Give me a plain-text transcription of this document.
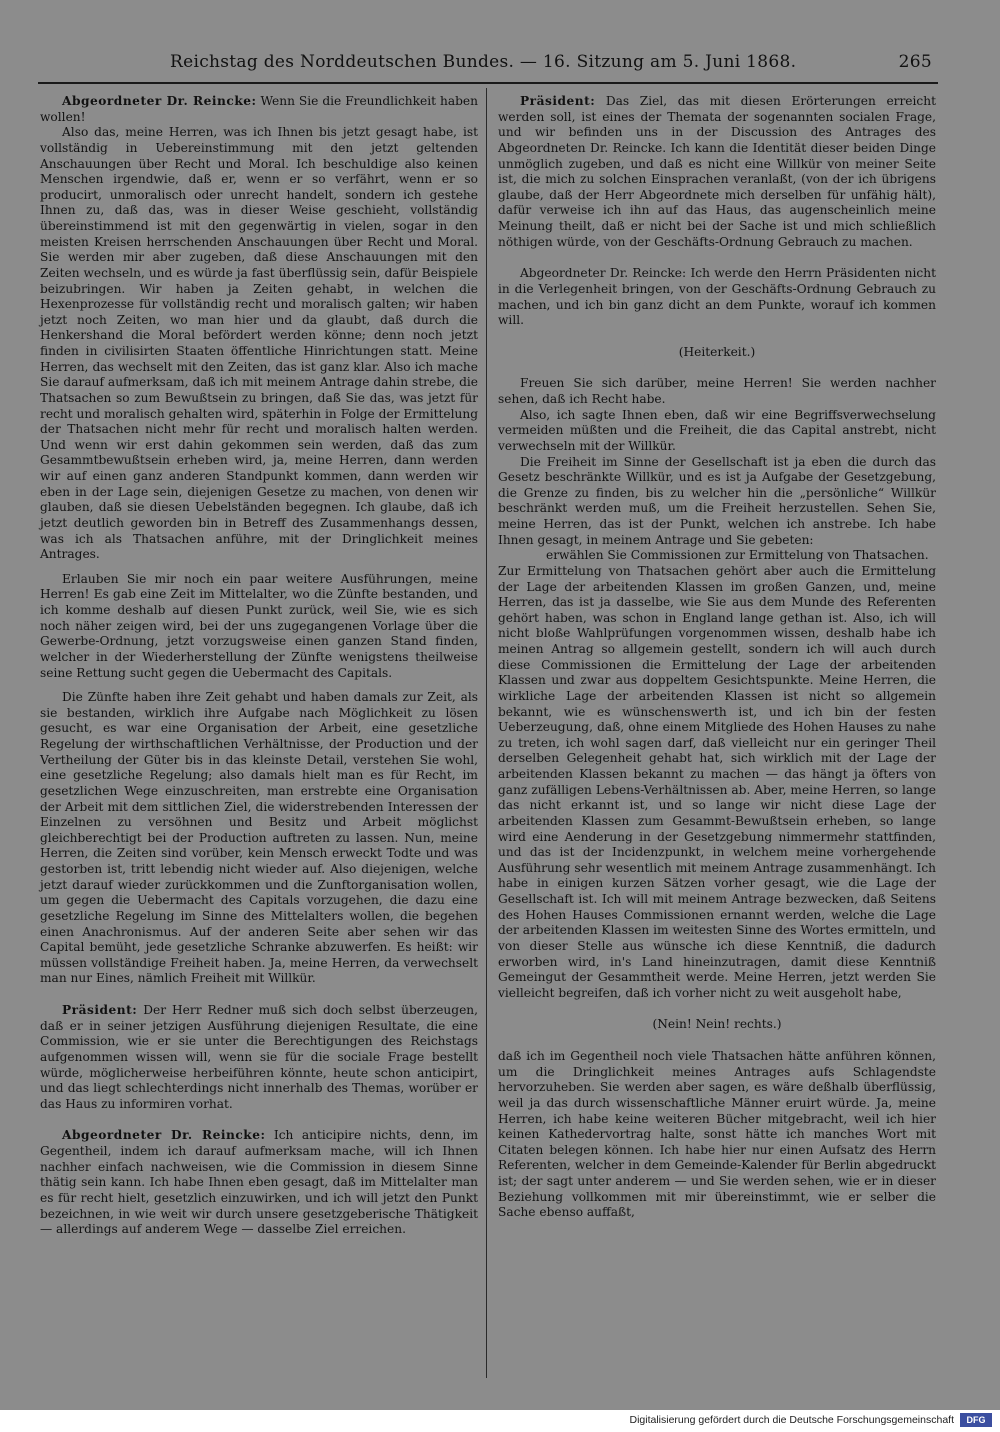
Reichstag des Norddeutschen Bundes. — 16. Sitzung am 5. Juni 1868.	265

Abgeordneter Dr. Reincke: Wenn Sie die Freundlichkeit haben wollen!

Also das, meine Herren, was ich Ihnen bis jetzt gesagt habe, ist vollständig in Uebereinstimmung mit den jetzt geltenden Anschauungen über Recht und Moral. Ich beschuldige also keinen Menschen irgendwie, daß er, wenn er so verfährt, wenn er so producirt, unmoralisch oder unrecht handelt, sondern ich gestehe Ihnen zu, daß das, was in dieser Weise geschieht, vollständig übereinstimmend ist mit den gegenwärtig in vielen, sogar in den meisten Kreisen herrschenden Anschauungen über Recht und Moral. Sie werden mir aber zugeben, daß diese Anschauungen mit den Zeiten wechseln, und es würde ja fast überflüssig sein, dafür Beispiele beizubringen. Wir haben ja Zeiten gehabt, in welchen die Hexenprozesse für vollständig recht und moralisch galten; wir haben jetzt noch Zeiten, wo man hier und da glaubt, daß durch die Henkershand die Moral befördert werden könne; denn noch jetzt finden in civilisirten Staaten öffentliche Hinrichtungen statt. Meine Herren, das wechselt mit den Zeiten, das ist ganz klar. Also ich mache Sie darauf aufmerksam, daß ich mit meinem Antrage dahin strebe, die Thatsachen so zum Bewußtsein zu bringen, daß Sie das, was jetzt für recht und moralisch gehalten wird, späterhin in Folge der Ermittelung der Thatsachen nicht mehr für recht und moralisch halten werden. Und wenn wir erst dahin gekommen sein werden, daß das zum Gesammtbewußtsein erheben wird, ja, meine Herren, dann werden wir auf einen ganz anderen Standpunkt kommen, dann werden wir eben in der Lage sein, diejenigen Gesetze zu machen, von denen wir glauben, daß sie diesen Uebelständen begegnen. Ich glaube, daß ich jetzt deutlich geworden bin in Betreff des Zusammenhangs dessen, was ich als Thatsachen anführe, mit der Dringlichkeit meines Antrages.

Erlauben Sie mir noch ein paar weitere Ausführungen, meine Herren! Es gab eine Zeit im Mittelalter, wo die Zünfte bestanden, und ich komme deshalb auf diesen Punkt zurück, weil Sie, wie es sich noch näher zeigen wird, bei der uns zugegangenen Vorlage über die Gewerbe-Ordnung, jetzt vorzugsweise einen ganzen Stand finden, welcher in der Wiederherstellung der Zünfte wenigstens theilweise seine Rettung sucht gegen die Uebermacht des Capitals.

Die Zünfte haben ihre Zeit gehabt und haben damals zur Zeit, als sie bestanden, wirklich ihre Aufgabe nach Möglichkeit zu lösen gesucht, es war eine Organisation der Arbeit, eine gesetzliche Regelung der wirthschaftlichen Verhältnisse, der Production und der Vertheilung der Güter bis in das kleinste Detail, verstehen Sie wohl, eine gesetzliche Regelung; also damals hielt man es für Recht, im gesetzlichen Wege einzuschreiten, man erstrebte eine Organisation der Arbeit mit dem sittlichen Ziel, die widerstrebenden Interessen der Einzelnen zu versöhnen und Besitz und Arbeit möglichst gleichberechtigt bei der Production auftreten zu lassen. Nun, meine Herren, die Zeiten sind vorüber, kein Mensch erweckt Todte und was gestorben ist, tritt lebendig nicht wieder auf. Also diejenigen, welche jetzt darauf wieder zurückkommen und die Zunftorganisation wollen, um gegen die Uebermacht des Capitals vorzugehen, die dazu eine gesetzliche Regelung im Sinne des Mittelalters wollen, die begehen einen Anachronismus. Auf der anderen Seite aber sehen wir das Capital bemüht, jede gesetzliche Schranke abzuwerfen. Es heißt: wir müssen vollständige Freiheit haben. Ja, meine Herren, da verwechselt man nur Eines, nämlich Freiheit mit Willkür.

Präsident: Der Herr Redner muß sich doch selbst überzeugen, daß er in seiner jetzigen Ausführung diejenigen Resultate, die eine Commission, wie er sie unter die Berechtigungen des Reichstags aufgenommen wissen will, wenn sie für die sociale Frage bestellt würde, möglicherweise herbeiführen könnte, heute schon anticipirt, und das liegt schlechterdings nicht innerhalb des Themas, worüber er das Haus zu informiren vorhat.

Abgeordneter Dr. Reincke: Ich anticipire nichts, denn, im Gegentheil, indem ich darauf aufmerksam mache, will ich Ihnen nachher einfach nachweisen, wie die Commission in diesem Sinne thätig sein kann. Ich habe Ihnen eben gesagt, daß im Mittelalter man es für recht hielt, gesetzlich einzuwirken, und ich will jetzt den Punkt bezeichnen, in wie weit wir durch unsere gesetzgeberische Thätigkeit — allerdings auf anderem Wege — dasselbe Ziel erreichen.

Präsident: Das Ziel, das mit diesen Erörterungen erreicht werden soll, ist eines der Themata der sogenannten socialen Frage, und wir befinden uns in der Discussion des Antrages des Abgeordneten Dr. Reincke. Ich kann die Identität dieser beiden Dinge unmöglich zugeben, und daß es nicht eine Willkür von meiner Seite ist, die mich zu solchen Einsprachen veranlaßt, (von der ich übrigens glaube, daß der Herr Abgeordnete mich derselben für unfähig hält), dafür verweise ich ihn auf das Haus, das augenscheinlich meine Meinung theilt, daß er nicht bei der Sache ist und mich schließlich nöthigen würde, von der Geschäfts-Ordnung Gebrauch zu machen.

Abgeordneter Dr. Reincke: Ich werde den Herrn Präsidenten nicht in die Verlegenheit bringen, von der Geschäfts-Ordnung Gebrauch zu machen, und ich bin ganz dicht an dem Punkte, worauf ich kommen will.

(Heiterkeit.)

Freuen Sie sich darüber, meine Herren! Sie werden nachher sehen, daß ich Recht habe.

Also, ich sagte Ihnen eben, daß wir eine Begriffsverwechselung vermeiden müßten und die Freiheit, die das Capital anstrebt, nicht verwechseln mit der Willkür.

Die Freiheit im Sinne der Gesellschaft ist ja eben die durch das Gesetz beschränkte Willkür, und es ist ja Aufgabe der Gesetzgebung, die Grenze zu finden, bis zu welcher hin die „persönliche“ Willkür beschränkt werden muß, um die Freiheit herzustellen. Sehen Sie, meine Herren, das ist der Punkt, welchen ich anstrebe. Ich habe Ihnen gesagt, in meinem Antrage und Sie gebeten:

erwählen Sie Commissionen zur Ermittelung von Thatsachen.

Zur Ermittelung von Thatsachen gehört aber auch die Ermittelung der Lage der arbeitenden Klassen im großen Ganzen, und, meine Herren, das ist ja dasselbe, wie Sie aus dem Munde des Referenten gehört haben, was schon in England lange gethan ist. Also, ich will nicht bloße Wahlprüfungen vorgenommen wissen, deshalb habe ich meinen Antrag so allgemein gestellt, sondern ich will auch durch diese Commissionen die Ermittelung der Lage der arbeitenden Klassen und zwar aus doppeltem Gesichtspunkte. Meine Herren, die wirkliche Lage der arbeitenden Klassen ist nicht so allgemein bekannt, wie es wünschenswerth ist, und ich bin der festen Ueberzeugung, daß, ohne einem Mitgliede des Hohen Hauses zu nahe zu treten, ich wohl sagen darf, daß vielleicht nur ein geringer Theil derselben Gelegenheit gehabt hat, sich wirklich mit der Lage der arbeitenden Klassen bekannt zu machen — das hängt ja öfters von ganz zufälligen Lebens-Verhältnissen ab. Aber, meine Herren, so lange das nicht erkannt ist, und so lange wir nicht diese Lage der arbeitenden Klassen zum Gesammt-Bewußtsein erheben, so lange wird eine Aenderung in der Gesetzgebung nimmermehr stattfinden, und das ist der Incidenzpunkt, in welchem meine vorhergehende Ausführung sehr wesentlich mit meinem Antrage zusammenhängt. Ich habe in einigen kurzen Sätzen vorher gesagt, wie die Lage der Gesellschaft ist. Ich will mit meinem Antrage bezwecken, daß Seitens des Hohen Hauses Commissionen ernannt werden, welche die Lage der arbeitenden Klassen im weitesten Sinne des Wortes ermitteln, und von dieser Stelle aus wünsche ich diese Kenntniß, die dadurch erworben wird, in's Land hineinzutragen, damit diese Kenntniß Gemeingut der Gesammtheit werde. Meine Herren, jetzt werden Sie vielleicht begreifen, daß ich vorher nicht zu weit ausgeholt habe,

(Nein! Nein! rechts.)

daß ich im Gegentheil noch viele Thatsachen hätte anführen können, um die Dringlichkeit meines Antrages aufs Schlagendste hervorzuheben. Sie werden aber sagen, es wäre deßhalb überflüssig, weil ja das durch wissenschaftliche Männer eruirt würde. Ja, meine Herren, ich habe keine weiteren Bücher mitgebracht, weil ich hier keinen Kathedervortrag halte, sonst hätte ich manches Wort mit Citaten belegen können. Ich habe hier nur einen Aufsatz des Herrn Referenten, welcher in dem Gemeinde-Kalender für Berlin abgedruckt ist; der sagt unter anderem — und Sie werden sehen, wie er in dieser Beziehung vollkommen mit mir übereinstimmt, wie er selber die Sache ebenso auffaßt,

Digitalisierung gefördert durch die Deutsche Forschungsgemeinschaft	DFG
